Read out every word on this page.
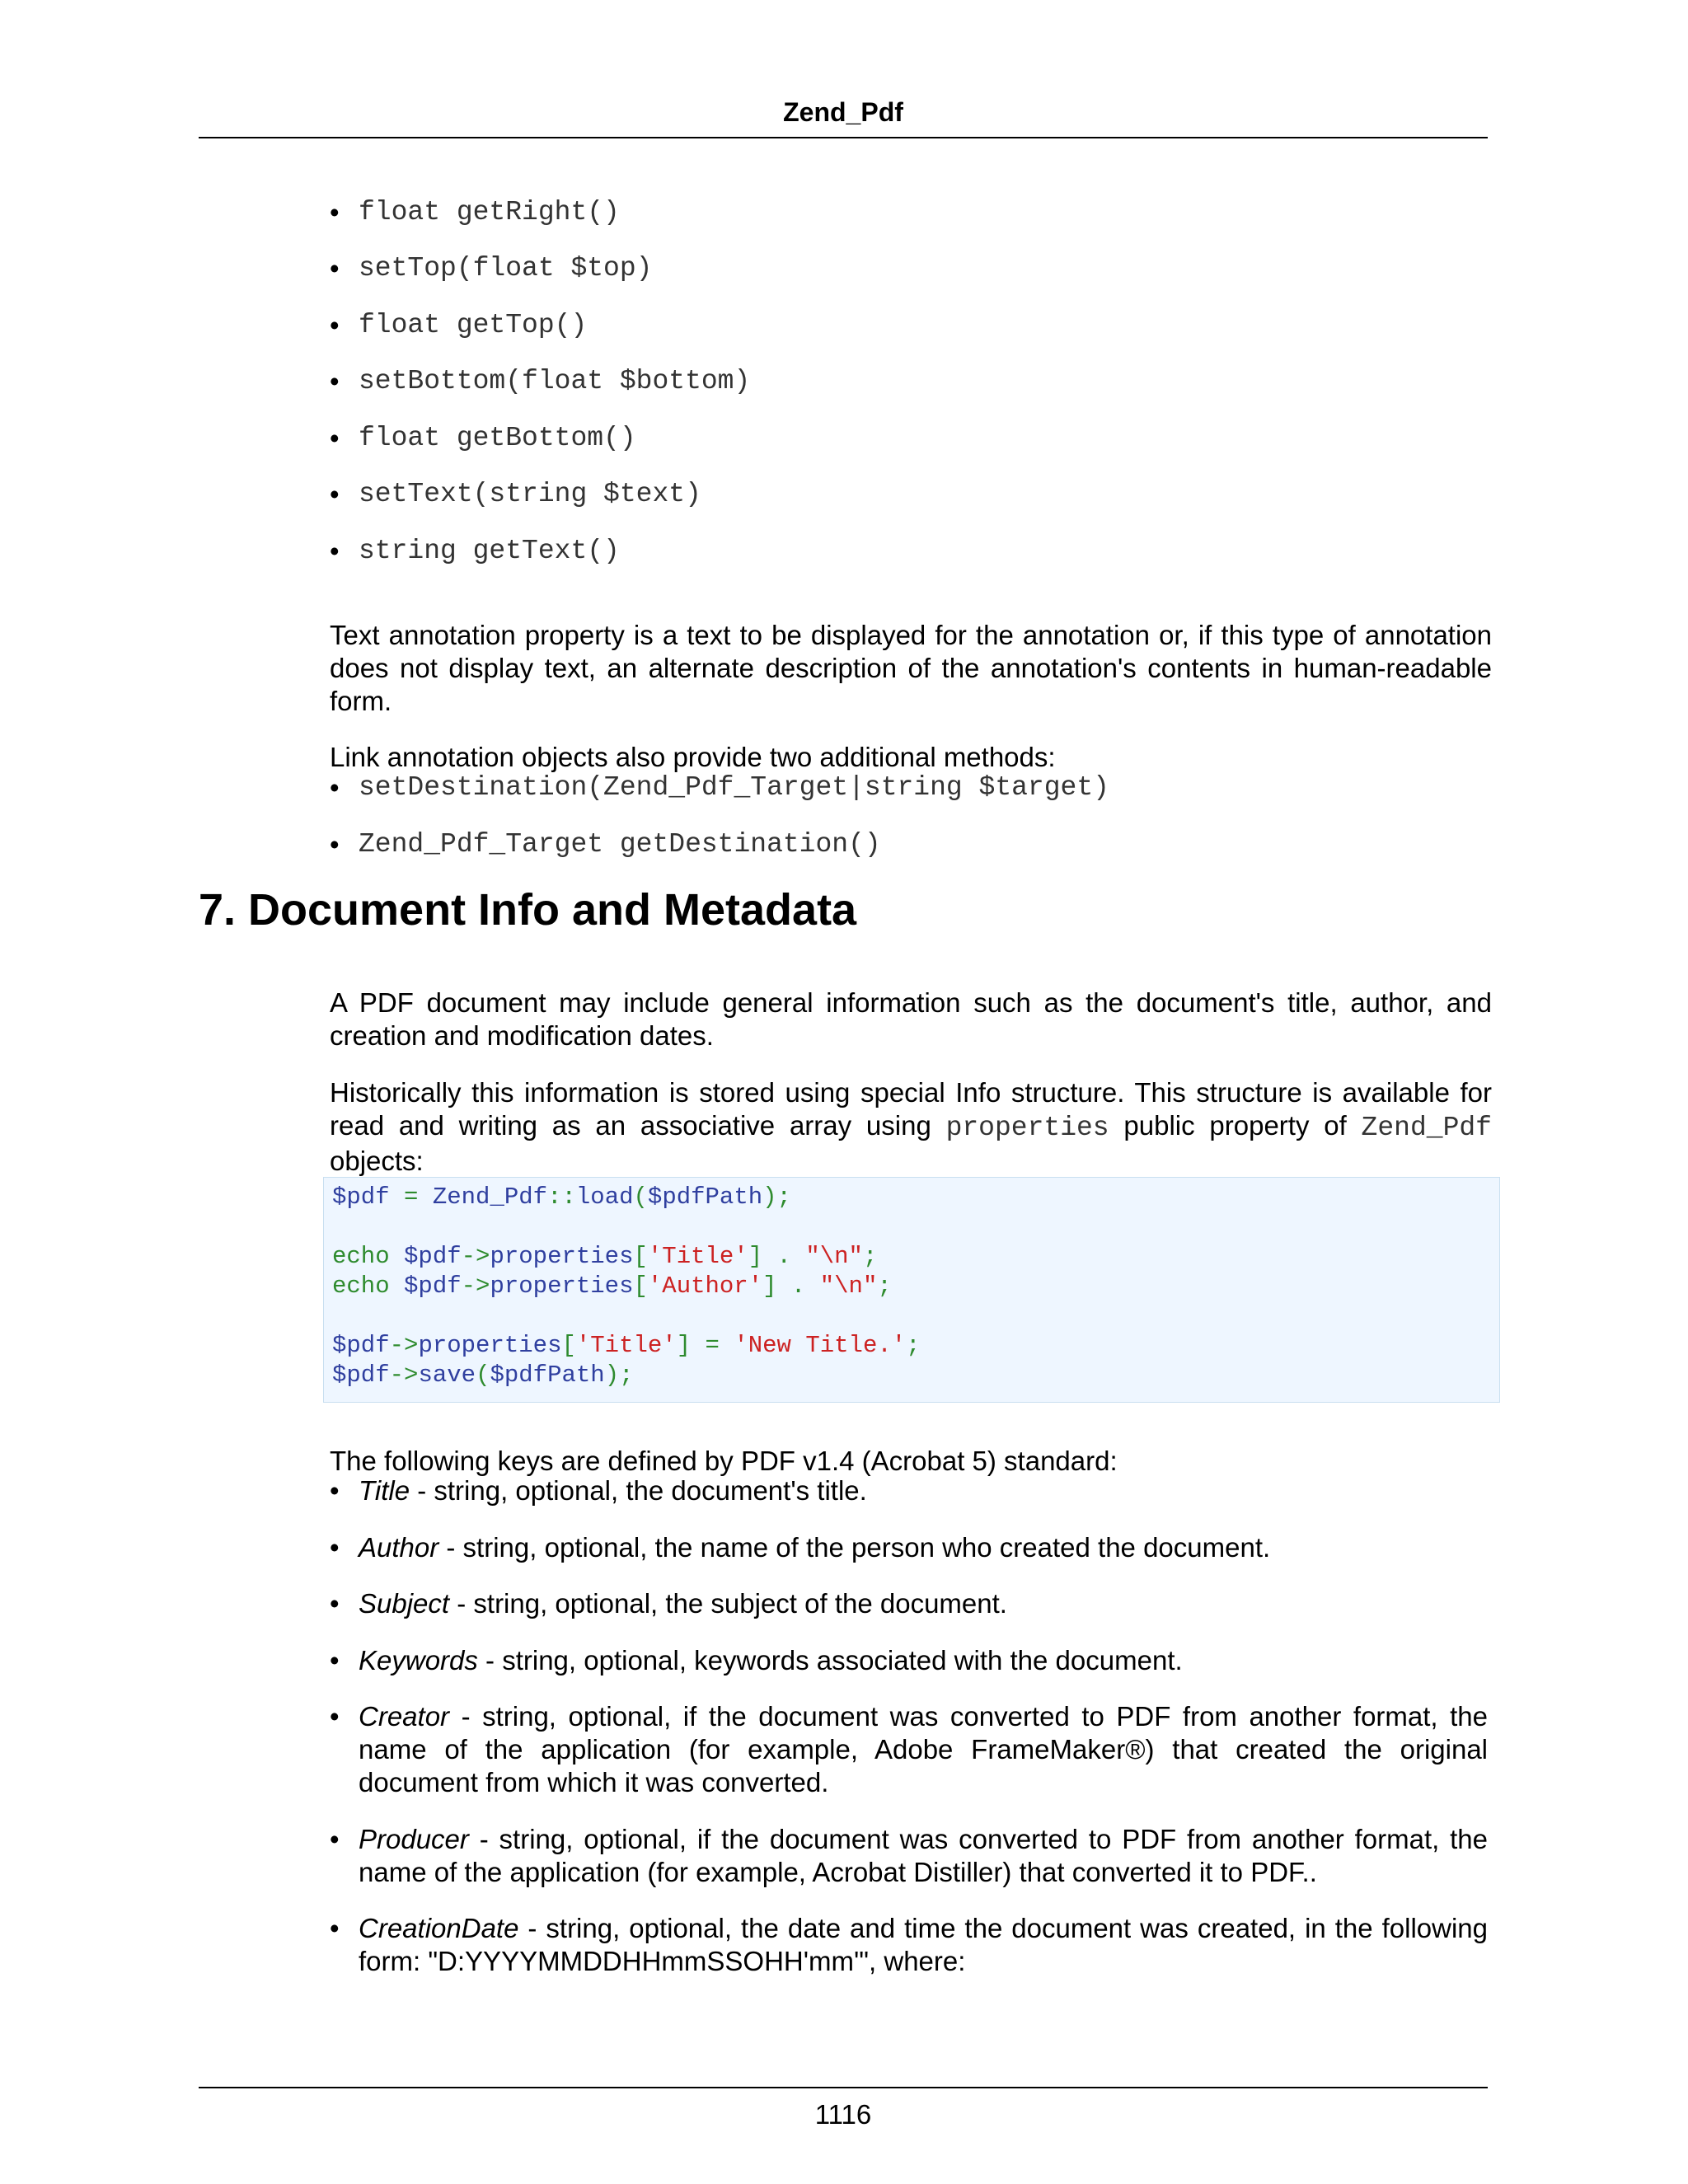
Zend_Pdf
• float getRight()
• setTop(float $top)
• float getTop()
• setBottom(float $bottom)
• float getBottom()
• setText(string $text)
• string getText()

Text annotation property is a text to be displayed for the annotation or, if this type of annotation does not display text, an alternate description of the annotation's contents in human-readable form.

Link annotation objects also provide two additional methods:

• setDestination(Zend_Pdf_Target|string $target)
• Zend_Pdf_Target getDestination()
7. Document Info and Metadata

A PDF document may include general information such as the document's title, author, and creation and modification dates.

Historically this information is stored using special Info structure. This structure is available for read and writing as an associative array using properties public property of Zend_Pdf objects:

$pdf = Zend_Pdf::load($pdfPath);
echo $pdf->properties['Title'] . "\n";
echo $pdf->properties['Author'] . "\n";
$pdf->properties['Title'] = 'New Title.';
$pdf->save($pdfPath);

The following keys are defined by PDF v1.4 (Acrobat 5) standard:

• Title - string, optional, the document's title.
• Author - string, optional, the name of the person who created the document.
• Subject - string, optional, the subject of the document.
• Keywords - string, optional, keywords associated with the document.
• Creator - string, optional, if the document was converted to PDF from another format, the name of the application (for example, Adobe FrameMaker®) that created the original document from which it was converted.
• Producer - string, optional, if the document was converted to PDF from another format, the name of the application (for example, Acrobat Distiller) that converted it to PDF..
• CreationDate - string, optional, the date and time the document was created, in the following form: "D:YYYYMMDDHHmmSSOHH'mm'", where:
1116
